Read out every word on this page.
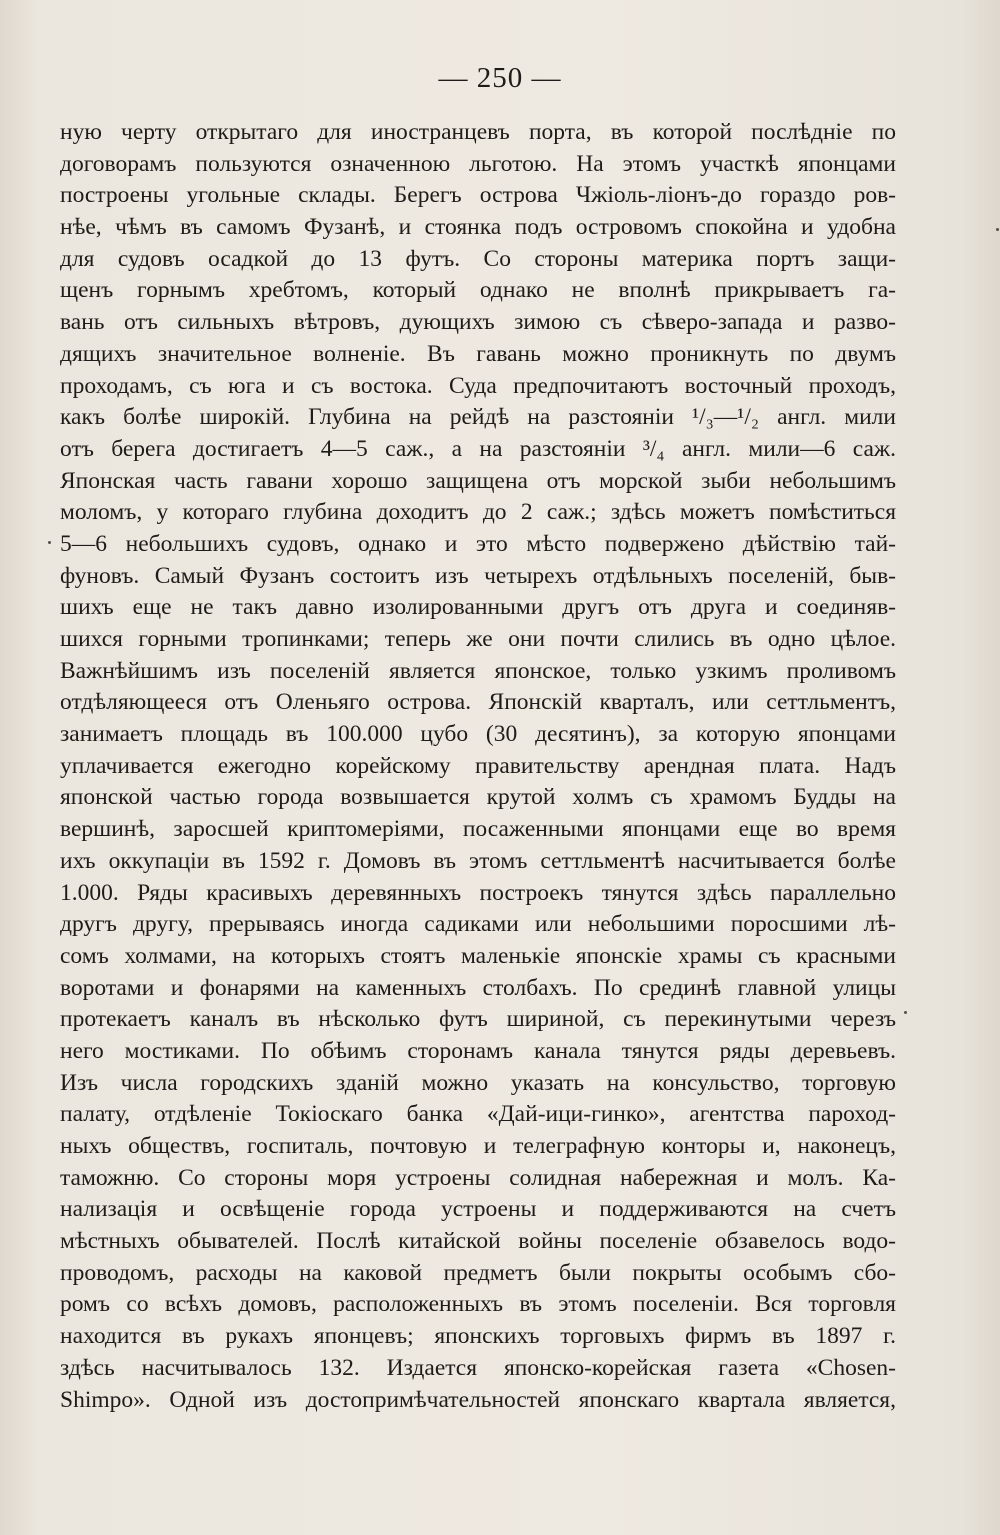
— 250 —
ную черту открытаго для иностранцевъ порта, въ которой послѣдніе по
договорамъ пользуются означенною льготою. На этомъ участкѣ японцами
построены угольные склады. Берегъ острова Чжіоль-ліонъ-до гораздо ров-
нѣе, чѣмъ въ самомъ Фузанѣ, и стоянка подъ островомъ спокойна и удобна
для судовъ осадкой до 13 футъ. Со стороны материка портъ защи-
щенъ горнымъ хребтомъ, который однако не вполнѣ прикрываетъ га-
вань отъ сильныхъ вѣтровъ, дующихъ зимою съ сѣверо-запада и разво-
дящихъ значительное волненіе. Въ гавань можно проникнуть по двумъ
проходамъ, съ юга и съ востока. Суда предпочитаютъ восточный проходъ,
какъ болѣе широкій. Глубина на рейдѣ на разстояніи ¹/₃—¹/₂ англ. мили
отъ берега достигаетъ 4—5 саж., а на разстояніи ³/₄ англ. мили—6 саж.
Японская часть гавани хорошо защищена отъ морской зыби небольшимъ
моломъ, у котораго глубина доходитъ до 2 саж.; здѣсь можетъ помѣститься
5—6 небольшихъ судовъ, однако и это мѣсто подвержено дѣйствію тай-
фуновъ. Самый Фузанъ состоитъ изъ четырехъ отдѣльныхъ поселеній, быв-
шихъ еще не такъ давно изолированными другъ отъ друга и соединяв-
шихся горными тропинками; теперь же они почти слились въ одно цѣлое.
Важнѣйшимъ изъ поселеній является японское, только узкимъ проливомъ
отдѣляющееся отъ Оленьяго острова. Японскій кварталъ, или сеттльментъ,
занимаетъ площадь въ 100.000 цубо (30 десятинъ), за которую японцами
уплачивается ежегодно корейскому правительству арендная плата. Надъ
японской частью города возвышается крутой холмъ съ храмомъ Будды на
вершинѣ, заросшей криптомеріями, посаженными японцами еще во время
ихъ оккупаціи въ 1592 г. Домовъ въ этомъ сеттльментѣ насчитывается болѣе
1.000. Ряды красивыхъ деревянныхъ построекъ тянутся здѣсь параллельно
другъ другу, прерываясь иногда садиками или небольшими поросшими лѣ-
сомъ холмами, на которыхъ стоятъ маленькіе японскіе храмы съ красными
воротами и фонарями на каменныхъ столбахъ. По срединѣ главной улицы
протекаетъ каналъ въ нѣсколько футъ шириной, съ перекинутыми черезъ
него мостиками. По обѣимъ сторонамъ канала тянутся ряды деревьевъ.
Изъ числа городскихъ зданій можно указать на консульство, торговую
палату, отдѣленіе Токіоскаго банка «Дай-ици-гинко», агентства пароход-
ныхъ обществъ, госпиталь, почтовую и телеграфную конторы и, наконецъ,
таможню. Со стороны моря устроены солидная набережная и молъ. Ка-
нализація и освѣщеніе города устроены и поддерживаются на счетъ
мѣстныхъ обывателей. Послѣ китайской войны поселеніе обзавелось водо-
проводомъ, расходы на каковой предметъ были покрыты особымъ сбо-
ромъ со всѣхъ домовъ, расположенныхъ въ этомъ поселеніи. Вся торговля
находится въ рукахъ японцевъ; японскихъ торговыхъ фирмъ въ 1897 г.
здѣсь насчитывалось 132. Издается японско-корейская газета «Chosen-
Shimpo». Одной изъ достопримѣчательностей японскаго квартала является,
